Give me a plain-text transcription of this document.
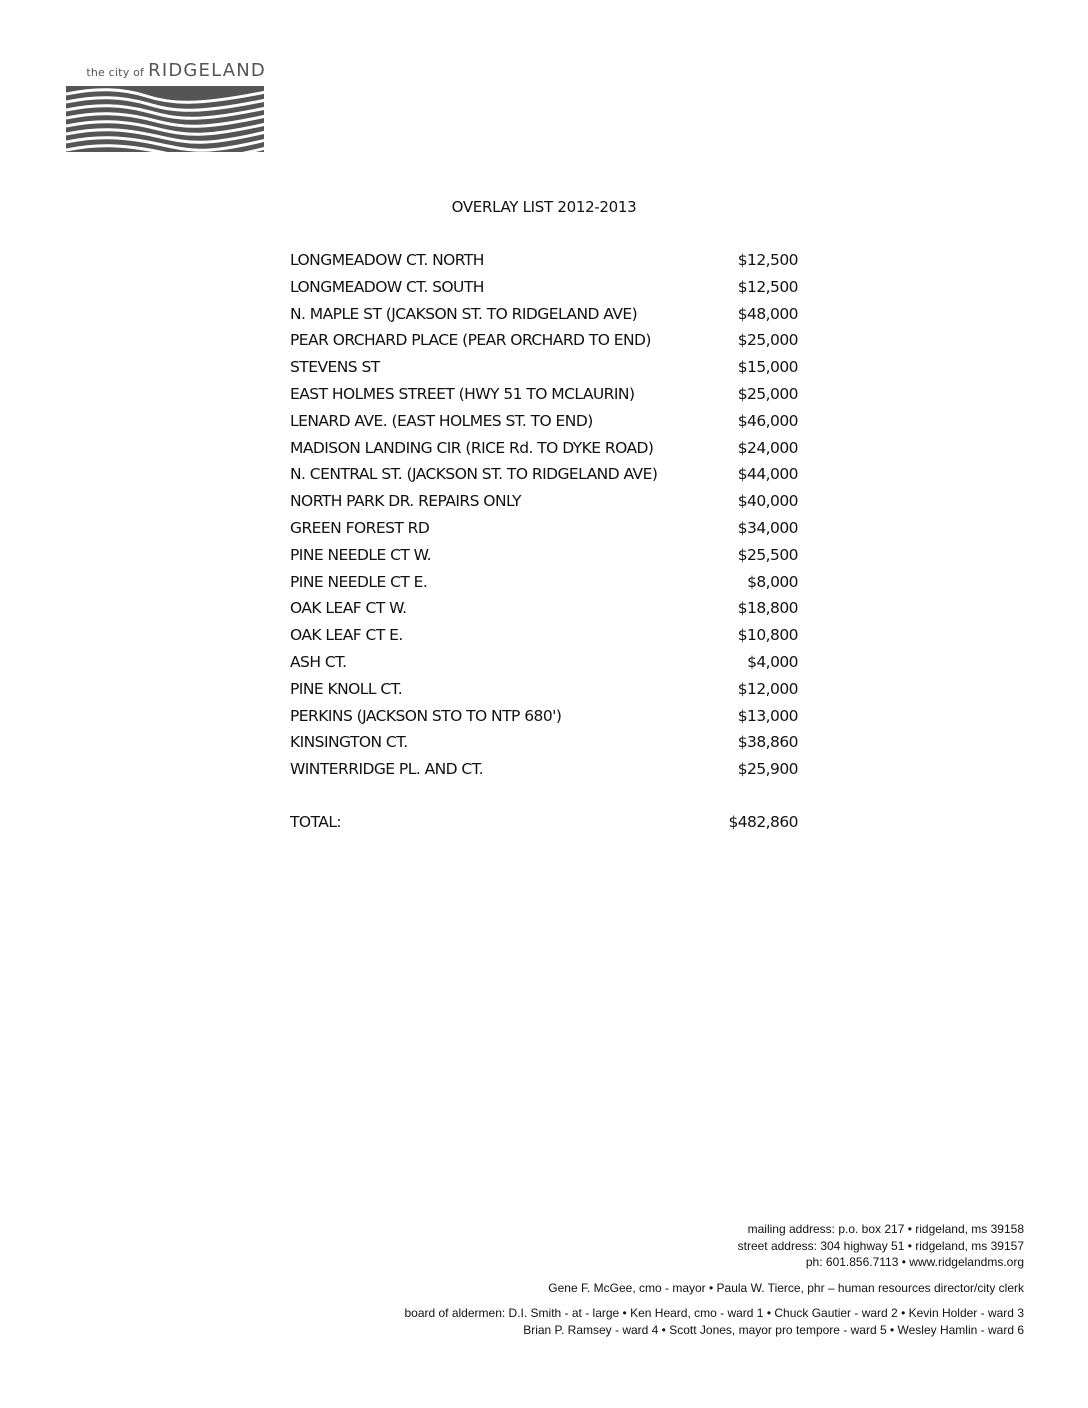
the city of RIDGELAND
OVERLAY LIST 2012-2013
LONGMEADOW CT. NORTH	$12,500
LONGMEADOW CT. SOUTH	$12,500
N. MAPLE ST (JCAKSON ST. TO RIDGELAND AVE)	$48,000
PEAR ORCHARD PLACE (PEAR ORCHARD TO END)	$25,000
STEVENS ST	$15,000
EAST HOLMES STREET (HWY 51 TO MCLAURIN)	$25,000
LENARD AVE. (EAST HOLMES ST. TO END)	$46,000
MADISON LANDING CIR (RICE Rd. TO DYKE ROAD)	$24,000
N. CENTRAL ST. (JACKSON ST. TO RIDGELAND AVE)	$44,000
NORTH PARK DR. REPAIRS ONLY	$40,000
GREEN FOREST RD	$34,000
PINE NEEDLE CT W.	$25,500
PINE NEEDLE CT E.	$8,000
OAK LEAF CT W.	$18,800
OAK LEAF CT E.	$10,800
ASH CT.	$4,000
PINE KNOLL CT.	$12,000
PERKINS (JACKSON STO TO NTP 680')	$13,000
KINSINGTON CT.	$38,860
WINTERRIDGE PL. AND CT.	$25,900
TOTAL:	$482,860

mailing address: p.o. box 217 • ridgeland, ms 39158

street address: 304 highway 51 • ridgeland, ms 39157

ph: 601.856.7113 • www.ridgelandms.org

Gene F. McGee, cmo - mayor • Paula W. Tierce, phr – human resources director/city clerk

board of aldermen: D.I. Smith - at - large • Ken Heard, cmo - ward 1 • Chuck Gautier - ward 2 • Kevin Holder - ward 3

Brian P. Ramsey - ward 4 • Scott Jones, mayor pro tempore - ward 5 • Wesley Hamlin - ward 6
